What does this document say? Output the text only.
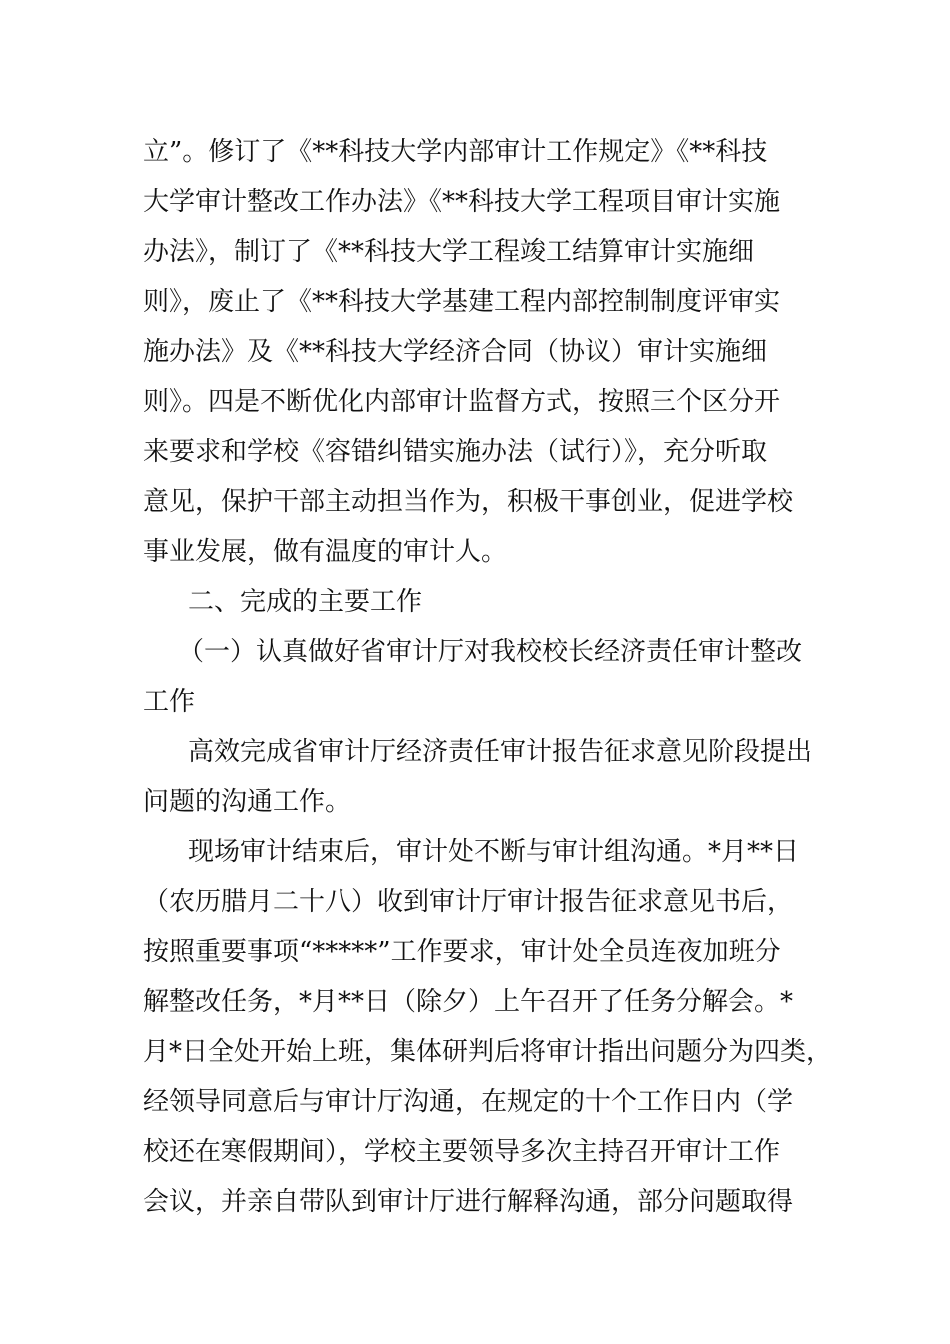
立”。修订了《**科技大学内部审计工作规定》《**科技
大学审计整改工作办法》《**科技大学工程项目审计实施
办法》，制订了《**科技大学工程竣工结算审计实施细
则》，废止了《**科技大学基建工程内部控制制度评审实
施办法》及《**科技大学经济合同（协议）审计实施细
则》。四是不断优化内部审计监督方式，按照三个区分开
来要求和学校《容错纠错实施办法（试行）》，充分听取
意见，保护干部主动担当作为，积极干事创业，促进学校
事业发展，做有温度的审计人。
二、完成的主要工作
（一）认真做好省审计厅对我校校长经济责任审计整改
工作
高效完成省审计厅经济责任审计报告征求意见阶段提出
问题的沟通工作。
现场审计结束后，审计处不断与审计组沟通。*月**日
（农历腊月二十八）收到审计厅审计报告征求意见书后，
按照重要事项“*****”工作要求，审计处全员连夜加班分
解整改任务，*月**日（除夕）上午召开了任务分解会。*
月*日全处开始上班，集体研判后将审计指出问题分为四类，
经领导同意后与审计厅沟通，在规定的十个工作日内（学
校还在寒假期间），学校主要领导多次主持召开审计工作
会议，并亲自带队到审计厅进行解释沟通，部分问题取得
